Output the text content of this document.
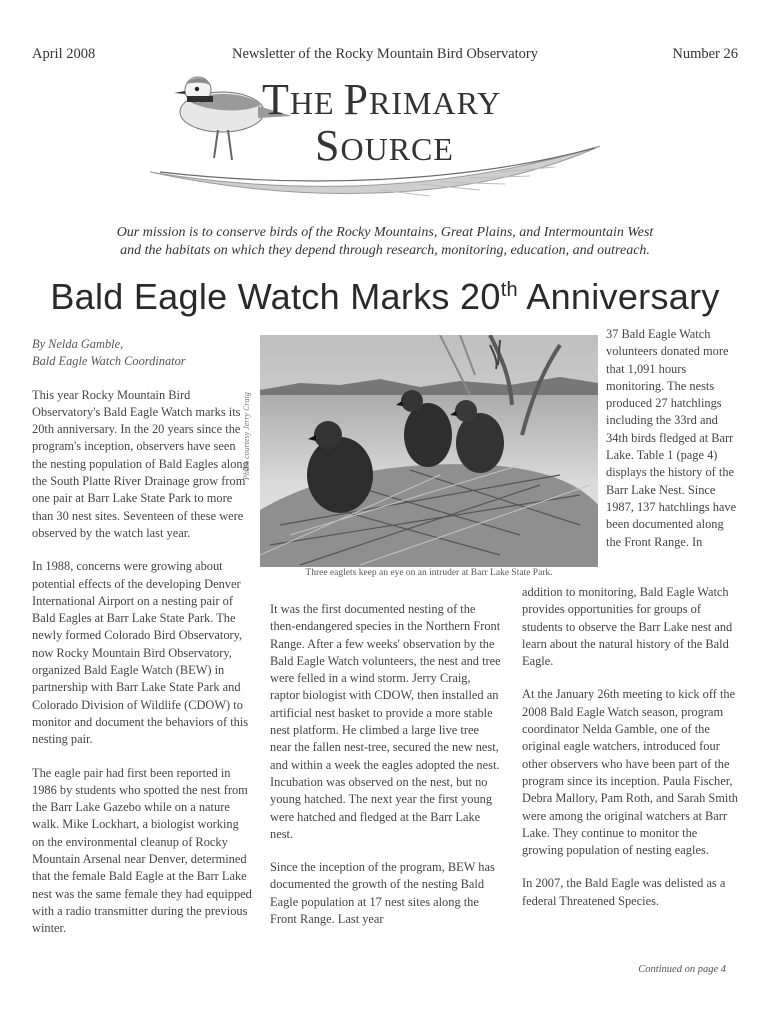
April 2008	Newsletter of the Rocky Mountain Bird Observatory	Number 26
THE PRIMARY
SOURCE
Our mission is to conserve birds of the Rocky Mountains, Great Plains, and Intermountain West
and the habitats on which they depend through research, monitoring, education, and outreach.
Bald Eagle Watch Marks 20th Anniversary

By Nelda Gamble,

Bald Eagle Watch Coordinator

This year Rocky Mountain Bird Observatory's Bald Eagle Watch marks its 20th anniversary. In the 20 years since the program's inception, observers have seen the nesting population of Bald Eagles along the South Platte River Drainage grow from one pair at Barr Lake State Park to more than 30 nest sites. Seventeen of these were observed by the watch last year.

In 1988, concerns were growing about potential effects of the developing Denver International Airport on a nesting pair of Bald Eagles at Barr Lake State Park. The newly formed Colorado Bird Observatory, now Rocky Mountain Bird Observatory, organized Bald Eagle Watch (BEW) in partnership with Barr Lake State Park and Colorado Division of Wildlife (CDOW) to monitor and document the behaviors of this nesting pair.

The eagle pair had first been reported in 1986 by students who spotted the nest from the Barr Lake Gazebo while on a nature walk. Mike Lockhart, a biologist working on the environmental cleanup of Rocky Mountain Arsenal near Denver, determined that the female Bald Eagle at the Barr Lake nest was the same female they had equipped with a radio transmitter during the previous winter.

Photo courtesy Jerry Craig
Three eaglets keep an eye on an intruder at Barr Lake State Park.

37 Bald Eagle Watch volunteers donated more that 1,091 hours monitoring. The nests produced 27 hatchlings including the 33rd and 34th birds fledged at Barr Lake. Table 1 (page 4) displays the history of the Barr Lake Nest. Since 1987, 137 hatchlings have been documented along the Front Range. In

It was the first documented nesting of the then-endangered species in the Northern Front Range. After a few weeks' observation by the Bald Eagle Watch volunteers, the nest and tree were felled in a wind storm. Jerry Craig, raptor biologist with CDOW, then installed an artificial nest basket to provide a more stable nest platform. He climbed a large live tree near the fallen nest-tree, secured the new nest, and within a week the eagles adopted the nest. Incubation was observed on the nest, but no young hatched. The next year the first young were hatched and fledged at the Barr Lake nest.

Since the inception of the program, BEW has documented the growth of the nesting Bald Eagle population at 17 nest sites along the Front Range. Last year

addition to monitoring, Bald Eagle Watch provides opportunities for groups of students to observe the Barr Lake nest and learn about the natural history of the Bald Eagle.

At the January 26th meeting to kick off the 2008 Bald Eagle Watch season, program coordinator Nelda Gamble, one of the original eagle watchers, introduced four other observers who have been part of the program since its inception. Paula Fischer, Debra Mallory, Pam Roth, and Sarah Smith were among the original watchers at Barr Lake. They continue to monitor the growing population of nesting eagles.

In 2007, the Bald Eagle was delisted as a federal Threatened Species.

Continued on page 4
